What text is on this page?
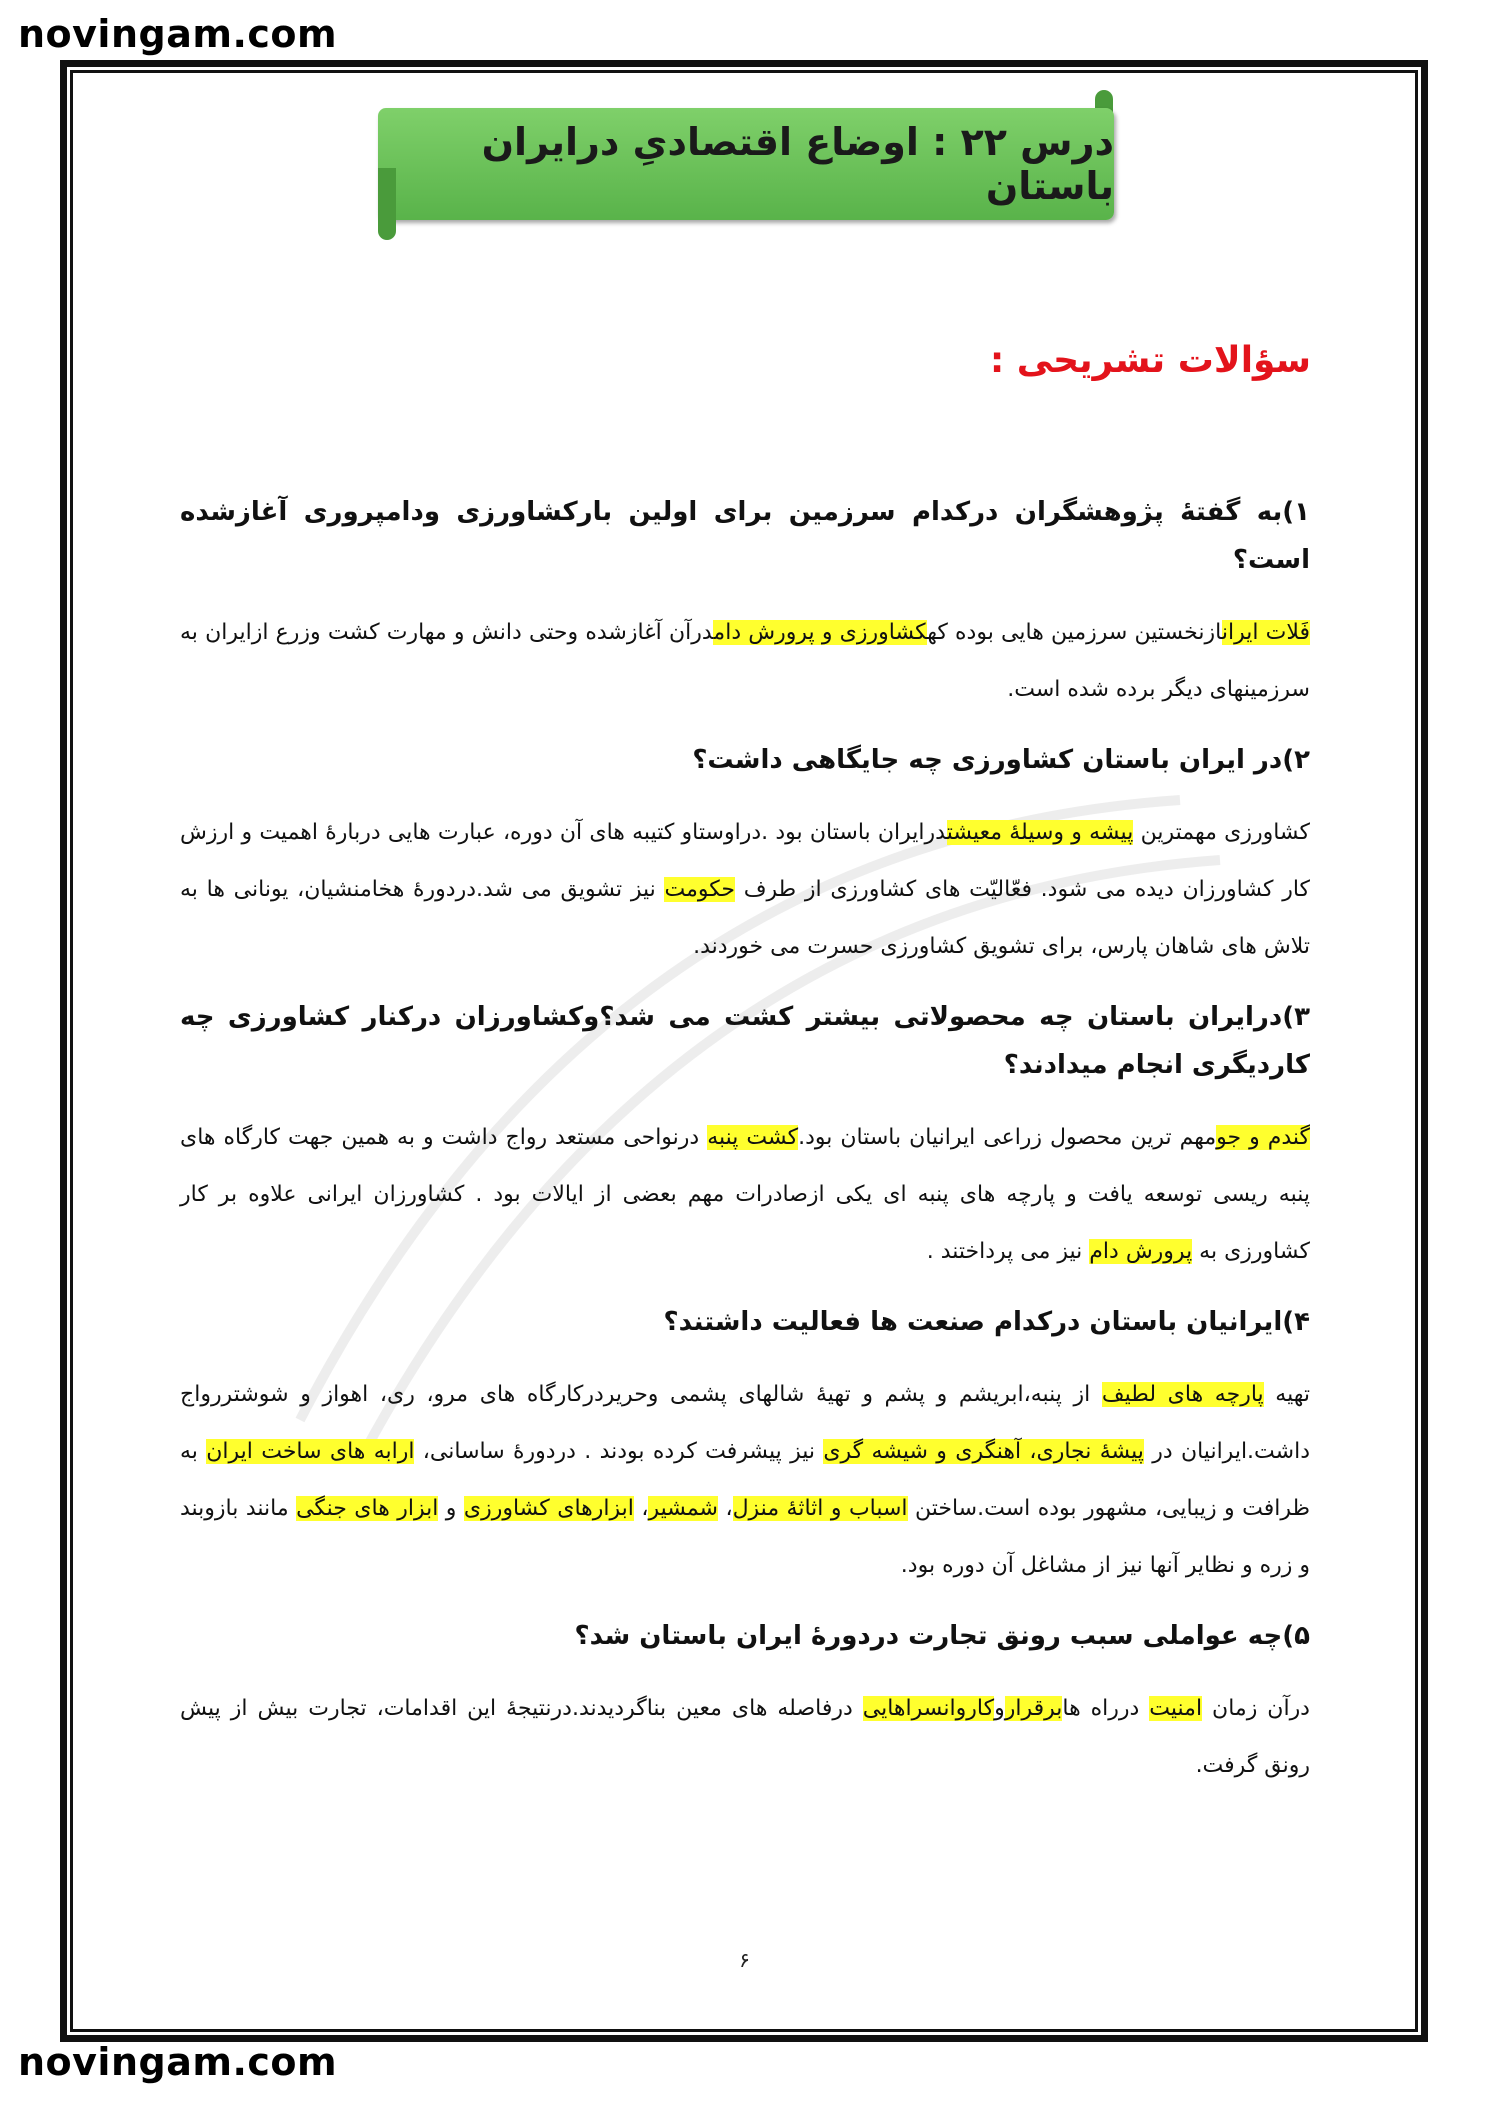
novingam.com
درس ۲۲ : اوضاع اقتصادیِ درایران باستان
سؤالات تشریحی :
۱)به گفتۀ پژوهشگران درکدام سرزمین برای اولین بارکشاورزی ودامپروری آغازشده است؟
فَلات ایرانازنخستین سرزمین هایی بوده کهکشاورزی و پرورش دامدرآن آغازشده وحتی دانش و مهارت کشت وزرع ازایران به سرزمینهای دیگر برده شده است.
۲)در ایران باستان کشاورزی چه جایگاهی داشت؟
کشاورزی مهمترین پیشه و وسیلۀ معیشتدرایران باستان بود .دراوستاو کتیبه های آن دوره، عبارت هایی دربارۀ اهمیت و ارزش کار کشاورزان دیده می شود. فعّالیّت های کشاورزی از طرف حکومت نیز تشویق می شد.دردورۀ هخامنشیان، یونانی ها به تلاش های شاهان پارس، برای تشویق کشاورزی حسرت می خوردند.
۳)درایران باستان چه محصولاتی بیشتر کشت می شد؟وکشاورزان درکنار کشاورزی چه کاردیگری انجام میدادند؟
گندم و جومهم ترین محصول زراعی ایرانیان باستان بود.کشت پنبه درنواحی مستعد رواج داشت و به همین جهت کارگاه های پنبه ریسی توسعه یافت و پارچه های پنبه ای یکی ازصادرات مهم بعضی از ایالات بود . کشاورزان ایرانی علاوه بر کار کشاورزی به پرورش دام نیز می پرداختند .
۴)ایرانیان باستان درکدام صنعت ها فعالیت داشتند؟
تهیه پارچه های لطیف از پنبه،ابریشم و پشم و تهیۀ شالهای پشمی وحریردرکارگاه های مرو، ری، اهواز و شوشتررواج داشت.ایرانیان در پیشۀ نجاری، آهنگری و شیشه گری نیز پیشرفت کرده بودند . دردورۀ ساسانی، ارابه های ساخت ایران به ظرافت و زیبایی، مشهور بوده است.ساختن اسباب و اثاثۀ منزل، شمشیر، ابزارهای کشاورزی و ابزار های جنگی مانند بازوبند و زره و نظایر آنها نیز از مشاغل آن دوره بود.
۵)چه عواملی سبب رونق تجارت دردورۀ ایران باستان شد؟
درآن زمان امنیت درراه هابرقراروکاروانسراهایی درفاصله های معین بناگردیدند.درنتیجۀ این اقدامات، تجارت بیش از پیش رونق گرفت.
۶
novingam.com
